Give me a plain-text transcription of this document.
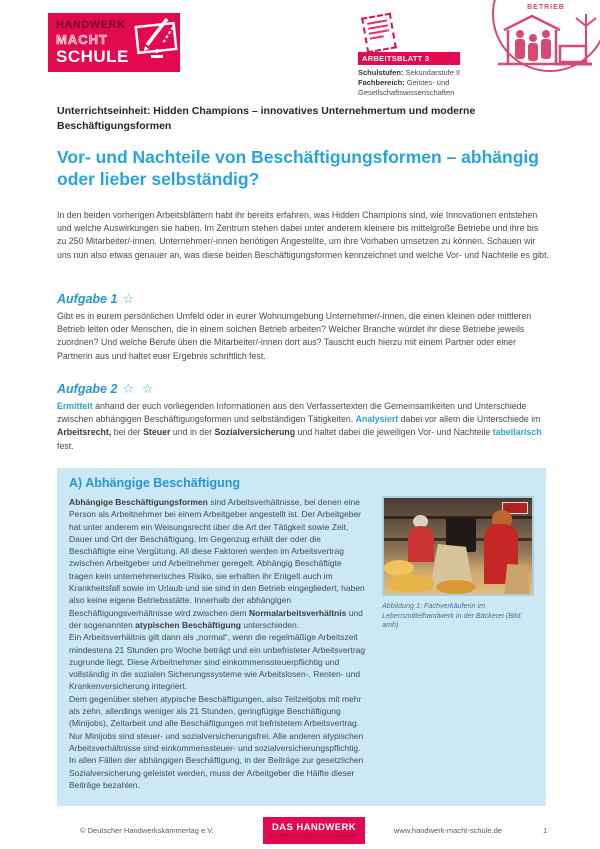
HANDWERK
MACHT
SCHULE	ARBEITSBLATT 3
Schulstufen: Sekundarstufe II
Fachbereich: Geistes- und Gesellschaftswissenschaften
BETRIEB
Unterrichtseinheit: Hidden Champions – innovatives Unternehmertum und moderne Beschäftigungsformen
Vor- und Nachteile von Beschäftigungsformen – abhängig oder lieber selbständig?

In den beiden vorherigen Arbeitsblättern habt ihr bereits erfahren, was Hidden Champions sind, wie Innovationen entstehen und welche Auswirkungen sie haben. Im Zentrum stehen dabei unter anderem kleinere bis mittelgroße Betriebe und ihre bis zu 250 Mitarbeiter/-innen. Unternehmer/-innen benötigen Angestellte, um ihre Vorhaben umsetzen zu können. Schauen wir uns nun also etwas genauer an, was diese beiden Beschäftigungsformen kennzeichnet und welche Vor- und Nachteile es gibt.

Aufgabe 1 ☆

Gibt es in eurem persönlichen Umfeld oder in eurer Wohnumgebung Unternehmer/-innen, die einen kleinen oder mittleren Betrieb leiten oder Menschen, die in einem solchen Betrieb arbeiten? Welcher Branche würdet ihr diese Betriebe jeweils zuordnen? Und welche Berufe üben die Mitarbeiter/-innen dort aus? Tauscht euch hierzu mit einem Partner oder einer Partnerin aus und haltet euer Ergebnis schriftlich fest.

Aufgabe 2 ☆ ☆

Ermittelt anhand der euch vorliegenden Informationen aus den Verfassertexten die Gemeinsamkeiten und Unterschiede zwischen abhängigen Beschäftigungsformen und selbständigen Tätigkeiten. Analysiert dabei vor allem die Unterschiede im Arbeitsrecht, bei der Steuer und in der Sozialversicherung und haltet dabei die jeweiligen Vor- und Nachteile tabellarisch fest.

A) Abhängige Beschäftigung

Abhängige Beschäftigungsformen sind Arbeitsverhältnisse, bei denen eine Person als Arbeitnehmer bei einem Arbeitgeber angestellt ist. Der Arbeitgeber hat unter anderem ein Weisungsrecht über die Art der Tätigkeit sowie Zeit, Dauer und Ort der Beschäftigung. Im Gegenzug erhält der oder die Beschäftigte eine Vergütung. All diese Faktoren werden im Arbeitsvertrag zwischen Arbeitgeber und Arbeitnehmer geregelt. Abhängig Beschäftigte tragen kein unternehmerisches Risiko, sie erhalten ihr Entgelt auch im Krankheitsfall sowie im Urlaub und sie sind in den Betrieb eingegliedert, haben also keine eigene Betriebsstätte. Innerhalb der abhängigen Beschäftigungsverhältnisse wird zwischen dem Normalarbeitsverhältnis und der sogenannten atypischen Beschäftigung unterschieden.

Ein Arbeitsverhältnis gilt dann als „normal“, wenn die regelmäßige Arbeitszeit mindestens 21 Stunden pro Woche beträgt und ein unbefristeter Arbeitsvertrag zugrunde liegt. Diese Arbeitnehmer sind einkommenssteuerpflichtig und vollständig in die sozialen Sicherungssysteme wie Arbeitslosen-, Renten- und Krankenversicherung integriert.

Dem gegenüber stehen atypische Beschäftigungen, also Teilzeitjobs mit mehr als zehn, allerdings weniger als 21 Stunden, geringfügige Beschäftigung (Minijobs), Zeitarbeit und alle Beschäftigungen mit befristetem Arbeitsvertrag. Nur Minijobs sind steuer- und sozialversicherungsfrei. Alle anderen atypischen Arbeitsverhältnisse sind einkommenssteuer- und sozialversicherungspflichtig. In allen Fällen der abhängigen Beschäftigung, in der Beiträge zur gesetzlichen Sozialversicherung geleistet werden, muss der Arbeitgeber die Hälfte dieser Beiträge bezahlen.

Abbildung 1: Fachverkäuferin im Lebensmittelhandwerk in der Bäckerei (Bild: amh)
© Deutscher Handwerkskammertag e.V.	DAS HANDWERK
DIE WIRTSCHAFTSMACHT. VON NEBENAN.
www.handwerk-macht-schule.de	1
